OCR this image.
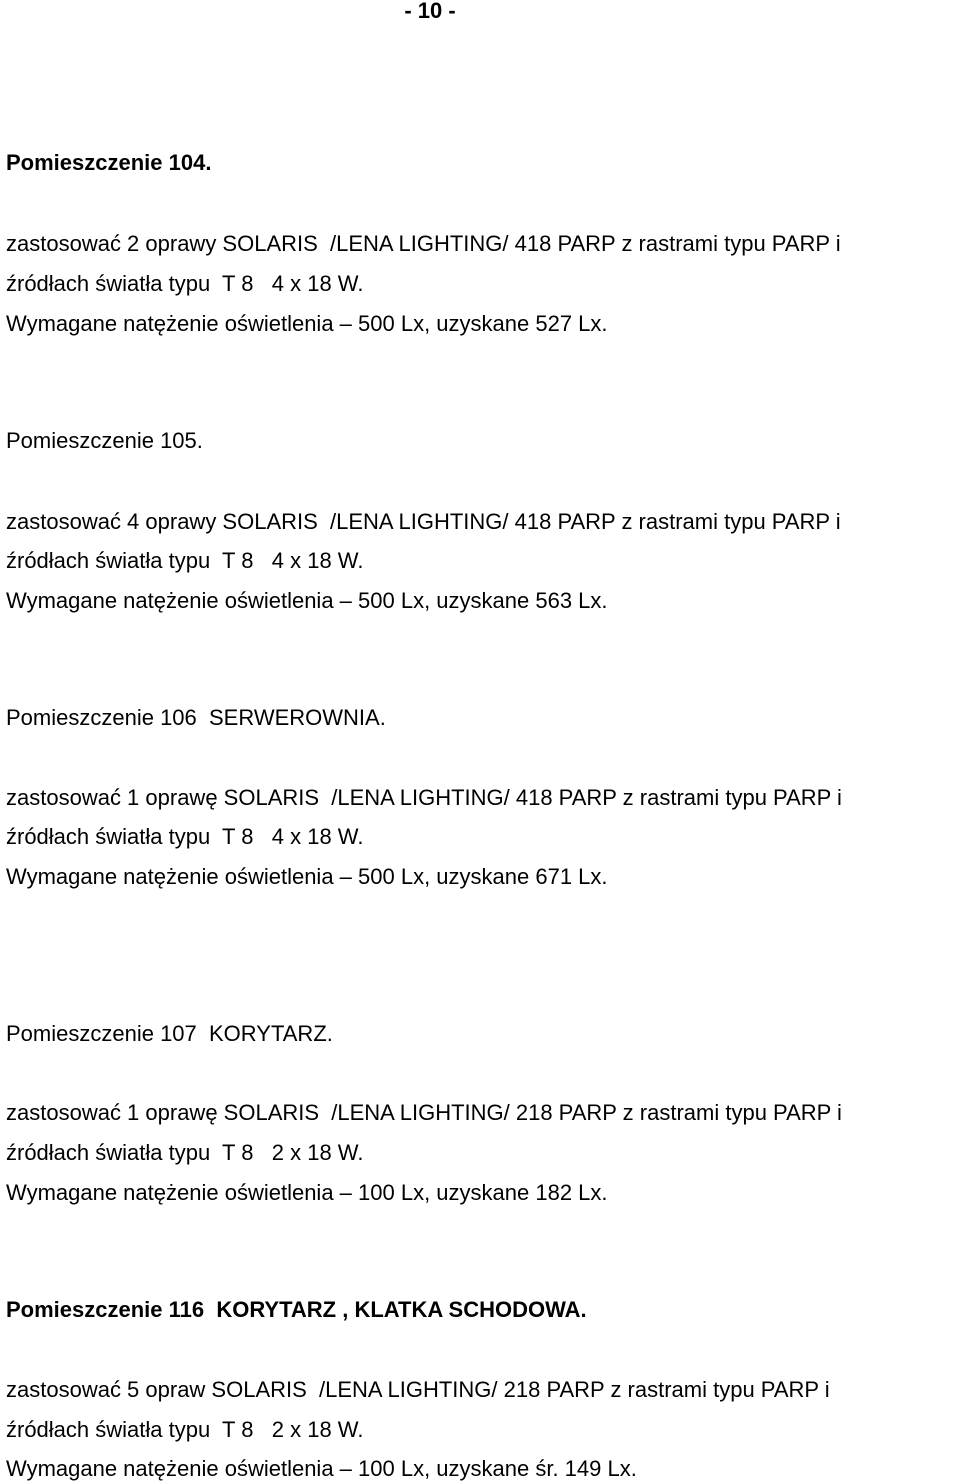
- 10 -
Pomieszczenie 104.
zastosować 2 oprawy SOLARIS  /LENA LIGHTING/ 418 PARP z rastrami typu PARP i
źródłach światła typu  T 8   4 x 18 W.
Wymagane natężenie oświetlenia – 500 Lx, uzyskane 527 Lx.
Pomieszczenie 105.
zastosować 4 oprawy SOLARIS  /LENA LIGHTING/ 418 PARP z rastrami typu PARP i
źródłach światła typu  T 8   4 x 18 W.
Wymagane natężenie oświetlenia – 500 Lx, uzyskane 563 Lx.
Pomieszczenie 106  SERWEROWNIA.
zastosować 1 oprawę SOLARIS  /LENA LIGHTING/ 418 PARP z rastrami typu PARP i
źródłach światła typu  T 8   4 x 18 W.
Wymagane natężenie oświetlenia – 500 Lx, uzyskane 671 Lx.
Pomieszczenie 107  KORYTARZ.
zastosować 1 oprawę SOLARIS  /LENA LIGHTING/ 218 PARP z rastrami typu PARP i
źródłach światła typu  T 8   2 x 18 W.
Wymagane natężenie oświetlenia – 100 Lx, uzyskane 182 Lx.
Pomieszczenie 116  KORYTARZ , KLATKA SCHODOWA.
zastosować 5 opraw SOLARIS  /LENA LIGHTING/ 218 PARP z rastrami typu PARP i
źródłach światła typu  T 8   2 x 18 W.
Wymagane natężenie oświetlenia – 100 Lx, uzyskane śr. 149 Lx.
